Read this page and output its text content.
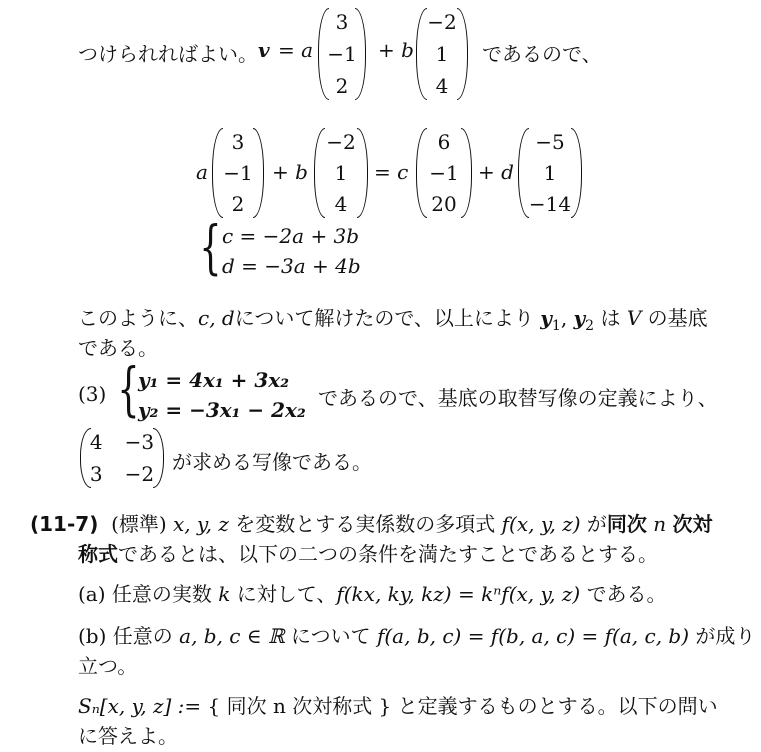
つけられればよい。 v = a
3
−1
2
+ b
−2
1
4
であるので、
a
3
−1
2
+ b
−2
1
4
= c
6
−1
20
+ d
−5
1
−14
{ c = −2a + 3b
d = −3a + 4b
このように、c, dについて解けたので、以上により $y_1$, $y_2$ は V の基底
である。
(3) {
y₁ = 4x₁ + 3x₂
y₂ = −3x₁ − 2x₂ であるので、基底の取替写像の定義により、
4 −3
3 −2 が求める写像である。
(11-7) (標準) x, y, z を変数とする実係数の多項式 f(x, y, z) が同次 n 次対
称式であるとは、以下の二つの条件を満たすことであるとする。
(a) 任意の実数 k に対して、f(kx, ky, kz) = kⁿf(x, y, z) である。
(b) 任意の a, b, c ∈ ℝ について f(a, b, c) = f(b, a, c) = f(a, c, b) が成り
立つ。
Sₙ[x, y, z] := { 同次 n 次対称式 } と定義するものとする。以下の問い
に答えよ。
